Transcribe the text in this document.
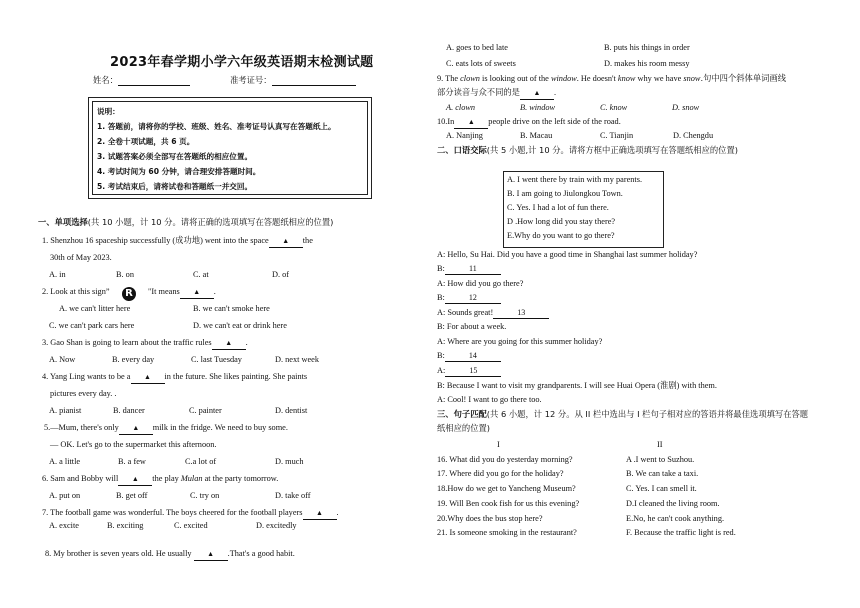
2023年春学期小学六年级英语期末检测试题
姓名：	准考证号：
说明：
1. 答题前，请将你的学校、班级、姓名、准考证号认真写在答题纸上。
2. 全卷十项试题，共 6 页。
3. 试题答案必须全部写在答题纸的相应位置。
4. 考试时间为 60 分钟，请合理安排答题时间。
5. 考试结束后，请将试卷和答题纸一并交回。
一、单项选择(共 10 小题，计 10 分。请将正确的选项填写在答题纸相应的位置)
1. Shenzhou 16 spaceship successfully (成功地) went into the space ▲ the
30th of May 2023.
A. in	B. on	C. at	D. of
2. Look at this sign”	R	"It means ▲ .
A. we can't litter here	B. we can't smoke here
C. we can't park cars here	D. we can't eat or drink here
3. Gao Shan is going to learn about the traffic rules ▲ .
A. Now	B. every day	C. last Tuesday	D. next week
4. Yang Ling wants to be a ▲ in the future. She likes painting. She paints
pictures every day. .
A. pianist	B. dancer	C. painter	D. dentist
5.—Mum, there's only ▲ milk in the fridge. We need to buy some.
— OK. Let's go to the supermarket this afternoon.
A. a little	B. a few	C.a lot of	D. much
6. Sam and Bobby will ▲ the play Mulan at the party tomorrow.
A. put on	B. get off	C. try on	D. take off
7. The football game was wonderful. The boys cheered for the football players ▲ .
A. excite	B. exciting	C. excited	D. excitedly
8. My brother is seven years old. He usually ▲ .That's a good habit.
A. goes to bed late	B. puts his things in order
C. eats lots of sweets	D. makes his room messy
9. The clown is looking out of the window. He doesn't know why we have snow.句中四个斜体单词画线
部分读音与众不同的是 ▲ .
A. clown	B. window	C. know	D. snow
10.In ▲ people drive on the left side of the road.
A. Nanjing	B. Macau	C. Tianjin	D. Chengdu
二、口语交际(共 5 小题,计 10 分。请将方框中正确选项填写在答题纸相应的位置)
A. I went there by train with my parents.
B. I am going to Jiulongkou Town.
C. Yes. I had a lot of fun there.
D .How long did you stay there?
E.Why do you want to go there?
A: Hello, Su Hai. Did you have a good time in Shanghai last summer holiday?
B:	11
A: How did you go there?
B:	12
A: Sounds great!	13
B: For about a week.
A: Where are you going for this summer holiday?
B:	14
A:	15
B: Because I want to visit my grandparents. I will see Huai Opera (淮剧) with them.
A: Cool! I want to go there too.
三、句子匹配(共 6 小题，计 12 分。从 II 栏中选出与 I 栏句子相对应的答语并将最佳选项填写在答题
纸相应的位置)
I	II
16. What did you do yesterday morning?	A .I went to Suzhou.
17. Where did you go for the holiday?	B. We can take a taxi.
18.How do we get to Yancheng Museum?	C. Yes. I can smell it.
19. Will Ben cook fish for us this evening?	D.I cleaned the living room.
20.Why does the bus stop here?	E.No, he can't cook anything.
21. Is someone smoking in the restaurant?	F. Because the traffic light is red.
